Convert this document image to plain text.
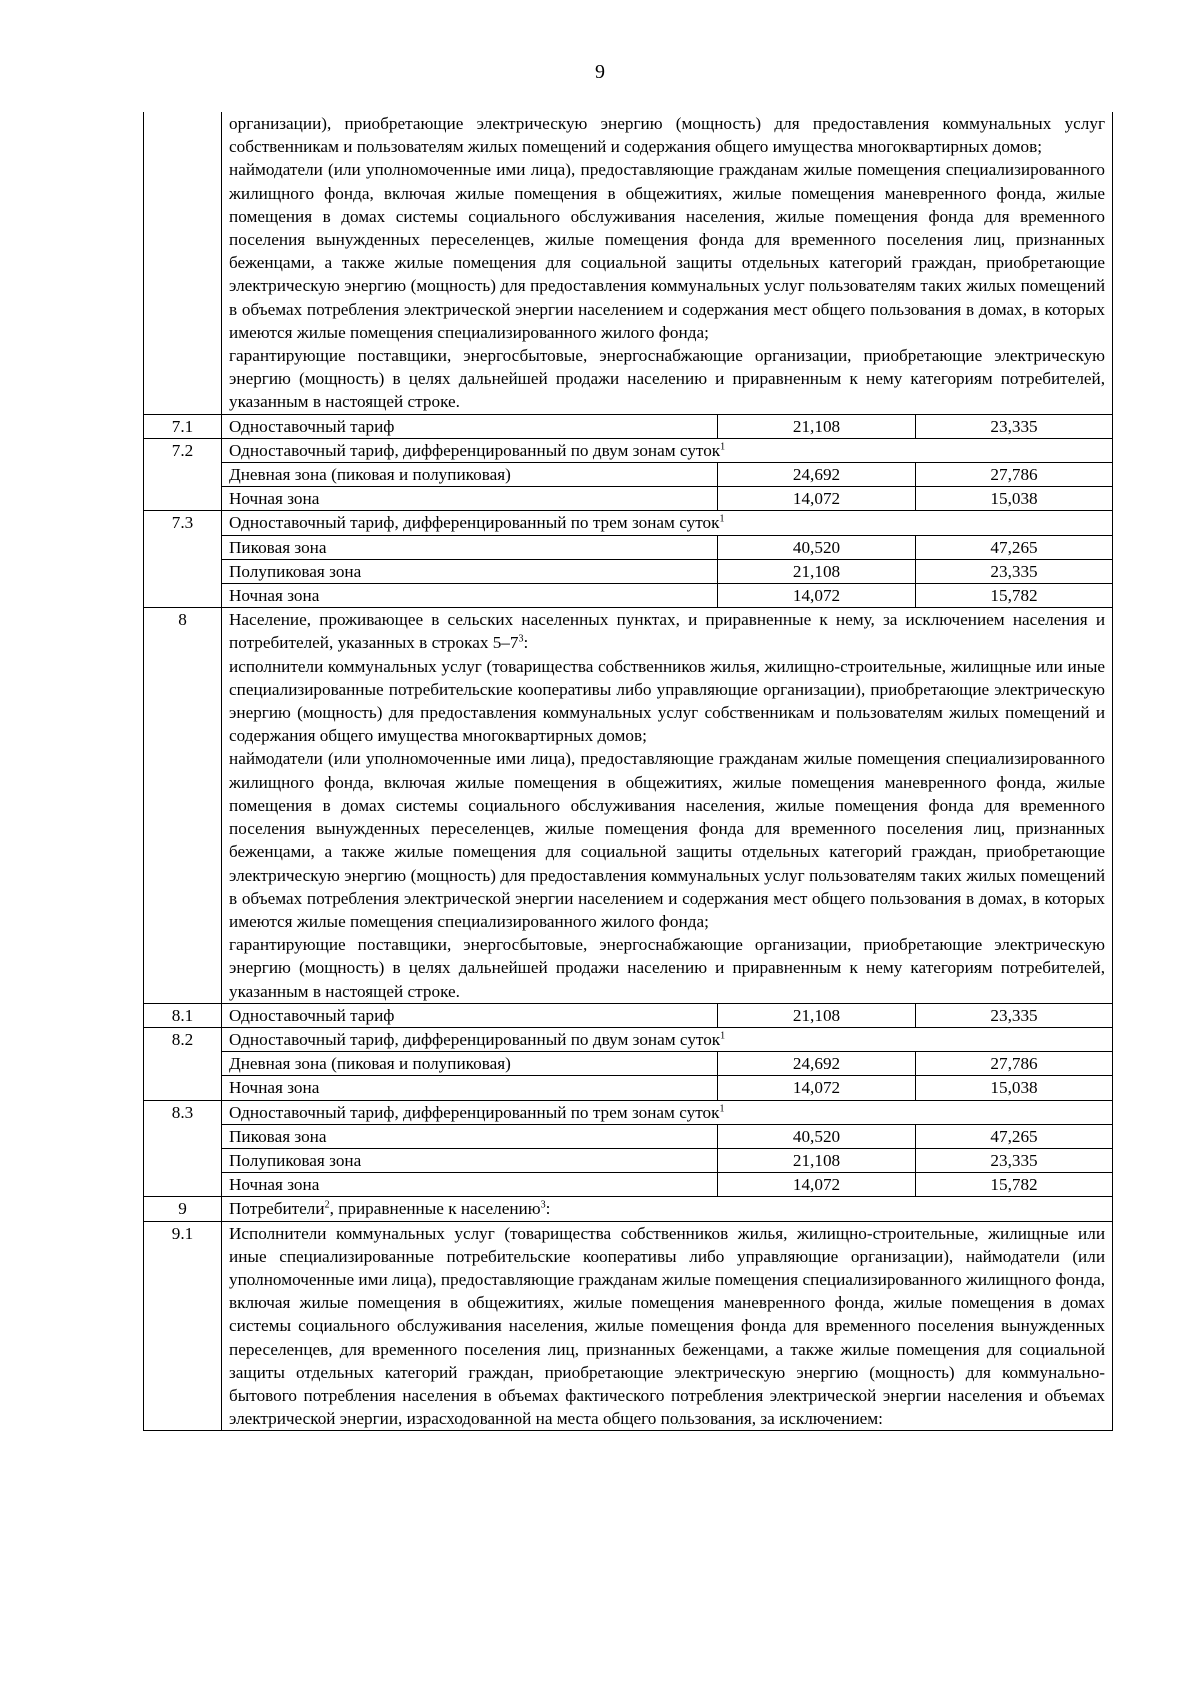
9

	организации), приобретающие электрическую энергию (мощность) для предоставления коммунальных услуг собственникам и пользователям жилых помещений и содержания общего имущества многоквартирных домов;

наймодатели (или уполномоченные ими лица), предоставляющие гражданам жилые помещения специализированного жилищного фонда, включая жилые помещения в общежитиях, жилые помещения маневренного фонда, жилые помещения в домах системы социального обслуживания населения, жилые помещения фонда для временного поселения вынужденных переселенцев, жилые помещения фонда для временного поселения лиц, признанных беженцами, а также жилые помещения для социальной защиты отдельных категорий граждан, приобретающие электрическую энергию (мощность) для предоставления коммунальных услуг пользователям таких жилых помещений в объемах потребления электрической энергии населением и содержания мест общего пользования в домах, в которых имеются жилые помещения специализированного жилого фонда;

гарантирующие поставщики, энергосбытовые, энергоснабжающие организации, приобретающие электрическую энергию (мощность) в целях дальнейшей продажи населению и приравненным к нему категориям потребителей, указанным в настоящей строке.		

7.1	Одноставочный тариф	21,108	23,335
7.2	Одноставочный тариф, дифференцированный по двум зонам суток$^1$
	Дневная зона (пиковая и полупиковая)	24,692	27,786
	Ночная зона	14,072	15,038
7.3	Одноставочный тариф, дифференцированный по трем зонам суток$^1$
	Пиковая зона	40,520	47,265
	Полупиковая зона	21,108	23,335
	Ночная зона	14,072	15,782
8	Население, проживающее в сельских населенных пунктах, и приравненные к нему, за исключением населения и потребителей, указанных в строках $5-7^3$:

исполнители коммунальных услуг (товарищества собственников жилья, жилищно-строительные, жилищные или иные специализированные потребительские кооперативы либо управляющие организации), приобретающие электрическую энергию (мощность) для предоставления коммунальных услуг собственникам и пользователям жилых помещений и содержания общего имущества многоквартирных домов;

наймодатели (или уполномоченные ими лица), предоставляющие гражданам жилые помещения специализированного жилищного фонда, включая жилые помещения в общежитиях, жилые помещения маневренного фонда, жилые помещения в домах системы социального обслуживания населения, жилые помещения фонда для временного поселения вынужденных переселенцев, жилые помещения фонда для временного поселения лиц, признанных беженцами, а также жилые помещения для социальной защиты отдельных категорий граждан, приобретающие электрическую энергию (мощность) для предоставления коммунальных услуг пользователям таких жилых помещений в объемах потребления электрической энергии населением и содержания мест общего пользования в домах, в которых имеются жилые помещения специализированного жилого фонда;

гарантирующие поставщики, энергосбытовые, энергоснабжающие организации, приобретающие электрическую энергию (мощность) в целях дальнейшей продажи населению и приравненным к нему категориям потребителей, указанным в настоящей строке.		

8.1	Одноставочный тариф	21,108	23,335
8.2	Одноставочный тариф, дифференцированный по двум зонам суток$^1$
	Дневная зона (пиковая и полупиковая)	24,692	27,786
	Ночная зона	14,072	15,038
8.3	Одноставочный тариф, дифференцированный по трем зонам суток$^1$
	Пиковая зона	40,520	47,265
	Полупиковая зона	21,108	23,335
	Ночная зона	14,072	15,782
9	Потребители$^2$, приравненные к населению$^3$:		
9.1	Исполнители коммунальных услуг (товарищества собственников жилья, жилищно-строительные, жилищные или иные специализированные потребительские кооперативы либо управляющие организации), наймодатели (или уполномоченные ими лица), предоставляющие гражданам жилые помещения специализированного жилищного фонда, включая жилые помещения в общежитиях, жилые помещения маневренного фонда, жилые помещения в домах системы социального обслуживания населения, жилые помещения фонда для временного поселения вынужденных переселенцев, для временного поселения лиц, признанных беженцами, а также жилые помещения для социальной защиты отдельных категорий граждан, приобретающие электрическую энергию (мощность) для коммунально-бытового потребления населения в объемах фактического потребления электрической энергии населения и объемах электрической энергии, израсходованной на места общего пользования, за исключением:		
